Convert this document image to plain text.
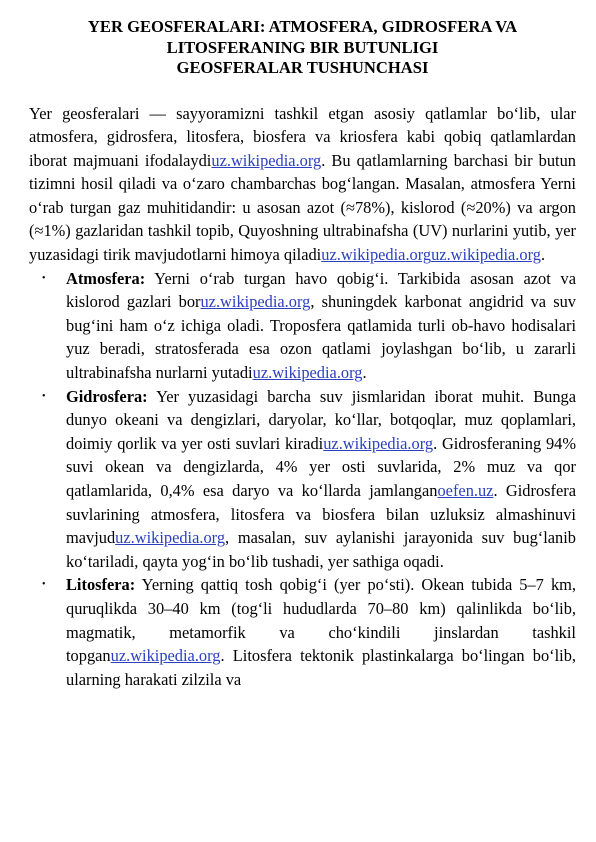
YER GEOSFERALARI: ATMOSFERA, GIDROSFERA VA
LITOSFERANING BIR BUTUNLIGI
GEOSFERALAR TUSHUNCHASI

Yer geosferalari — sayyoramizni tashkil etgan asosiy qatlamlar bo‘lib, ular atmosfera, gidrosfera, litosfera, biosfera va kriosfera kabi qobiq qatlamlardan iborat majmuani ifodalaydiuz.wikipedia.org. Bu qatlamlarning barchasi bir butun tizimni hosil qiladi va o‘zaro chambarchas bog‘langan. Masalan, atmosfera Yerni o‘rab turgan gaz muhitidandir: u asosan azot (≈78%), kislorod (≈20%) va argon (≈1%) gazlaridan tashkil topib, Quyoshning ultrabinafsha (UV) nurlarini yutib, yer yuzasidagi tirik mavjudotlarni himoya qiladiuz.wikipedia.orguz.wikipedia.org.

• Atmosfera: Yerni o‘rab turgan havo qobig‘i. Tarkibida asosan azot va kislorod gazlari boruz.wikipedia.org, shuningdek karbonat angidrid va suv bug‘ini ham o‘z ichiga oladi. Troposfera qatlamida turli ob-havo hodisalari yuz beradi, stratosferada esa ozon qatlami joylashgan bo‘lib, u zararli ultrabinafsha nurlarni yutadiuz.wikipedia.org.
• Gidrosfera: Yer yuzasidagi barcha suv jismlaridan iborat muhit. Bunga dunyo okeani va dengizlari, daryolar, ko‘llar, botqoqlar, muz qoplamlari, doimiy qorlik va yer osti suvlari kiradiuz.wikipedia.org. Gidrosferaning 94% suvi okean va dengizlarda, 4% yer osti suvlarida, 2% muz va qor qatlamlarida, 0,4% esa daryo va ko‘llarda jamlanganoefen.uz. Gidrosfera suvlarining atmosfera, litosfera va biosfera bilan uzluksiz almashinuvi mavjuduz.wikipedia.org, masalan, suv aylanishi jarayonida suv bug‘lanib ko‘tariladi, qayta yog‘in bo‘lib tushadi, yer sathiga oqadi.
• Litosfera: Yerning qattiq tosh qobig‘i (yer po‘sti). Okean tubida 5–7 km, quruqlikda 30–40 km (tog‘li hududlarda 70–80 km) qalinlikda bo‘lib, magmatik, metamorfik va cho‘kindili jinslardan tashkil topganuz.wikipedia.org. Litosfera tektonik plastinkalarga bo‘lingan bo‘lib, ularning harakati zilzila va
